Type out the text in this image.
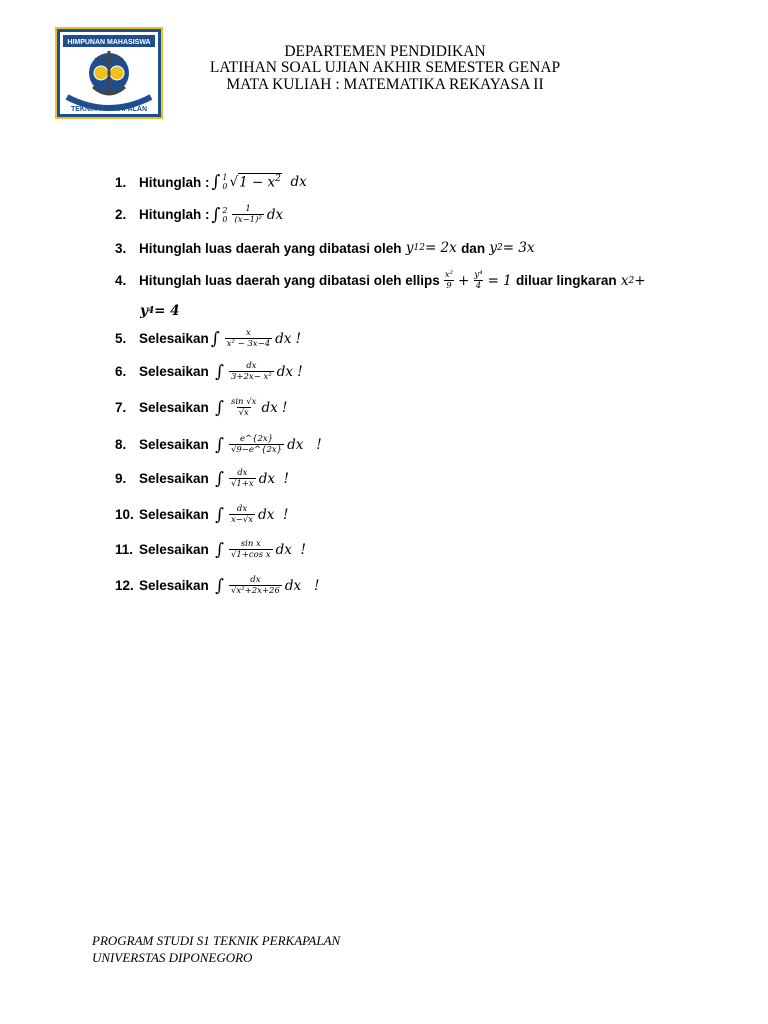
HIMPUNAN MAHASISWA
TEKNIK PERKAPALAN
DEPARTEMEN PENDIDIKAN
LATIHAN SOAL UJIAN AKHIR SEMESTER GENAP
MATA KULIAH : MATEMATIKA REKAYASA II
1. Hitunglah : ∫ 1
0 √ $1 - x^2$ dx
2. Hitunglah : ∫ 2
$0 \frac{1}{\text{(x−1)²}}$ dx
3. Hitunglah luas daerah yang dibatasi oleh y 1 2 = 2x dan y 2 = 3x
4. Hitunglah luas daerah yang dibatasi oleh ellips $\frac{\text{x²}}{9} + \frac{\text{y⁴}}{4} = 1$ diluar lingkaran x 2 +
y 4 = 4
5. Selesaikan ∫ $\frac{x}{\text{x² − 3x−4}}$ dx !
6. Selesaikan
∫ $\frac{dx}{\text{3+2x− x²}}$ dx !
7. Selesaikan
∫ $\frac{\sin √x}{√x}$ dx !
8. Selesaikan
∫ $\frac{e\^{}\{2x\}}{√9-e\^{}\{2x\}}$ dx   !
9. Selesaikan
∫ $\frac{dx}{√1+x}$ dx  !
10. Selesaikan
∫ $\frac{dx}{x-√x}$ dx  !
11. Selesaikan
∫ $\frac{\text{sin x}}{\text{√1+cos x}}$ dx  !
12. Selesaikan
∫ $\frac{dx}{\text{√x²+2x+26}}$ dx   !
PROGRAM STUDI S1 TEKNIK PERKAPALAN
UNIVERSTAS DIPONEGORO
